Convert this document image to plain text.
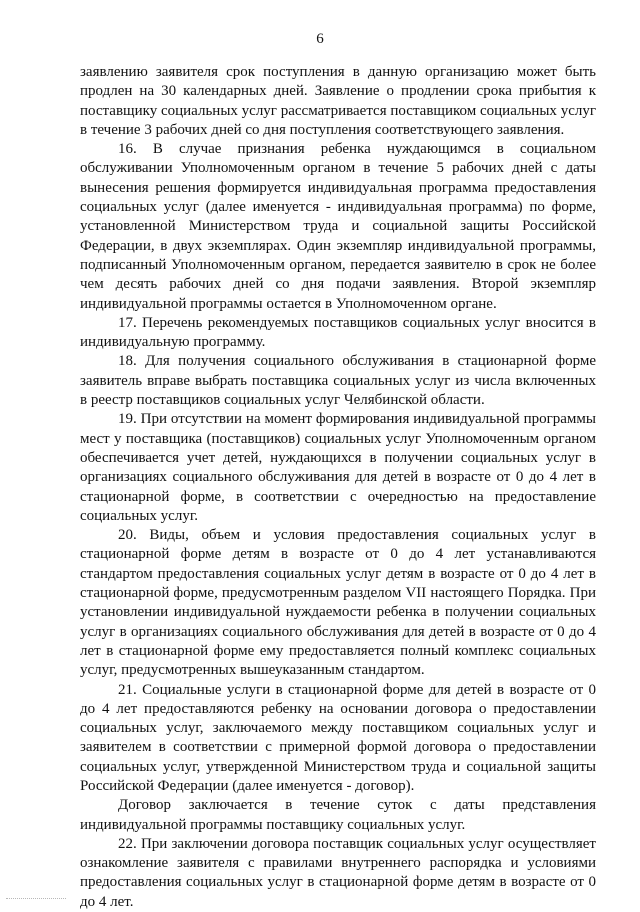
6

заявлению заявителя срок поступления в данную организацию может быть продлен на 30 календарных дней. Заявление о продлении срока прибытия к поставщику социальных услуг рассматривается поставщиком социальных услуг в течение 3 рабочих дней со дня поступления соответствующего заявления.

16. В случае признания ребенка нуждающимся в социальном обслуживании Уполномоченным органом в течение 5 рабочих дней с даты вынесения решения формируется индивидуальная программа предоставления социальных услуг (далее именуется - индивидуальная программа) по форме, установленной Министерством труда и социальной защиты Российской Федерации, в двух экземплярах. Один экземпляр индивидуальной программы, подписанный Уполномоченным органом, передается заявителю в срок не более чем десять рабочих дней со дня подачи заявления. Второй экземпляр индивидуальной программы остается в Уполномоченном органе.

17. Перечень рекомендуемых поставщиков социальных услуг вносится в индивидуальную программу.

18. Для получения социального обслуживания в стационарной форме заявитель вправе выбрать поставщика социальных услуг из числа включенных в реестр поставщиков социальных услуг Челябинской области.

19. При отсутствии на момент формирования индивидуальной программы мест у поставщика (поставщиков) социальных услуг Уполномоченным органом обеспечивается учет детей, нуждающихся в получении социальных услуг в организациях социального обслуживания для детей в возрасте от 0 до 4 лет в стационарной форме, в соответствии с очередностью на предоставление социальных услуг.

20. Виды, объем и условия предоставления социальных услуг в стационарной форме детям в возрасте от 0 до 4 лет устанавливаются стандартом предоставления социальных услуг детям в возрасте от 0 до 4 лет в стационарной форме, предусмотренным разделом VII настоящего Порядка. При установлении индивидуальной нуждаемости ребенка в получении социальных услуг в организациях социального обслуживания для детей в возрасте от 0 до 4 лет в стационарной форме ему предоставляется полный комплекс социальных услуг, предусмотренных вышеуказанным стандартом.

21. Социальные услуги в стационарной форме для детей в возрасте от 0 до 4 лет предоставляются ребенку на основании договора о предоставлении социальных услуг, заключаемого между поставщиком социальных услуг и заявителем в соответствии с примерной формой договора о предоставлении социальных услуг, утвержденной Министерством труда и социальной защиты Российской Федерации (далее именуется - договор).

Договор заключается в течение суток с даты представления индивидуальной программы поставщику социальных услуг.

22. При заключении договора поставщик социальных услуг осуществляет ознакомление заявителя с правилами внутреннего распорядка и условиями предоставления социальных услуг в стационарной форме детям в возрасте от 0 до 4 лет.
